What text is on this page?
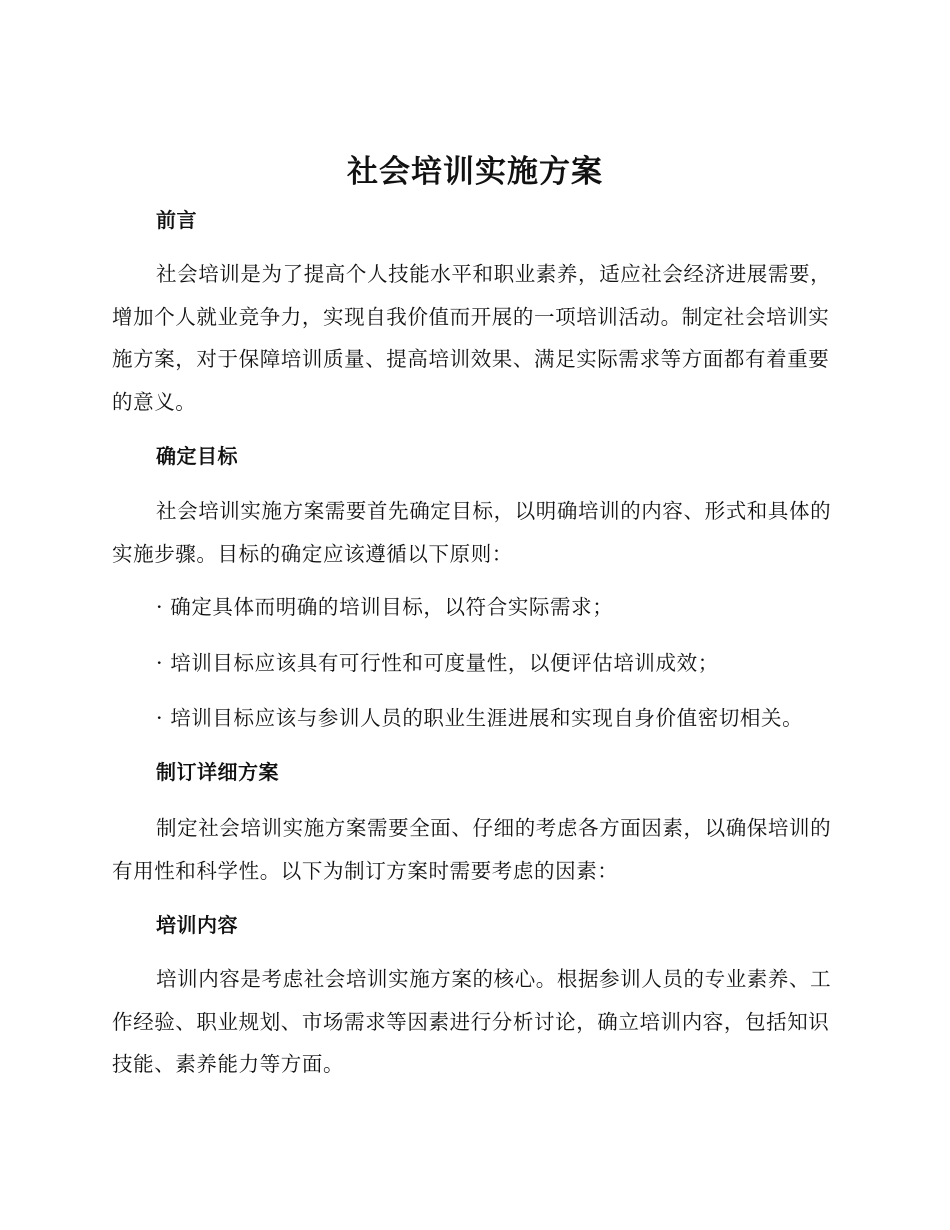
社会培训实施方案
前言
社会培训是为了提高个人技能水平和职业素养，适应社会经济进展需要，增加个人就业竞争力，实现自我价值而开展的一项培训活动。制定社会培训实施方案，对于保障培训质量、提高培训效果、满足实际需求等方面都有着重要的意义。
确定目标
社会培训实施方案需要首先确定目标，以明确培训的内容、形式和具体的实施步骤。目标的确定应该遵循以下原则：
· 确定具体而明确的培训目标，以符合实际需求；
· 培训目标应该具有可行性和可度量性，以便评估培训成效；
· 培训目标应该与参训人员的职业生涯进展和实现自身价值密切相关。
制订详细方案
制定社会培训实施方案需要全面、仔细的考虑各方面因素，以确保培训的有用性和科学性。以下为制订方案时需要考虑的因素：
培训内容
培训内容是考虑社会培训实施方案的核心。根据参训人员的专业素养、工作经验、职业规划、市场需求等因素进行分析讨论，确立培训内容，包括知识技能、素养能力等方面。
